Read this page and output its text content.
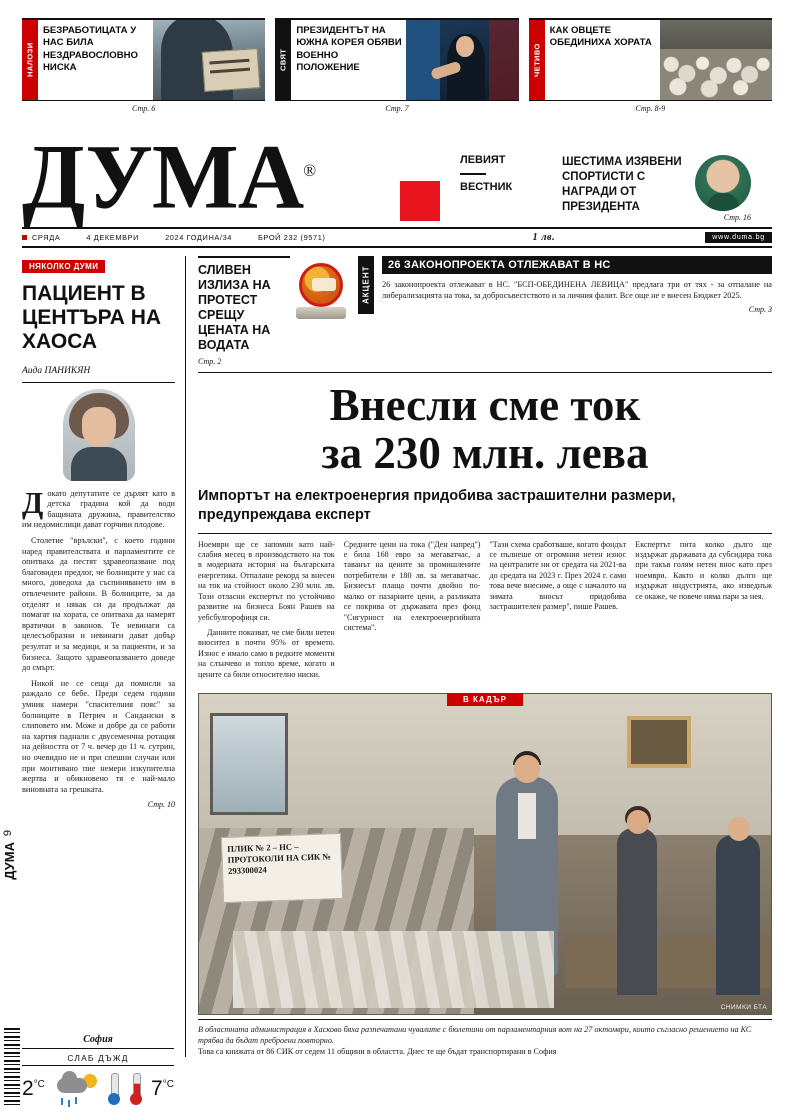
НАЛОЗИ
БЕЗРАБОТИЦАТА У НАС БИЛА НЕЗДРАВОСЛОВНО НИСКА
Стр. 6
СВЯТ
ПРЕЗИДЕНТЪТ НА ЮЖНА КОРЕЯ ОБЯВИ ВОЕННО ПОЛОЖЕНИЕ
Стр. 7
ЧЕТИВО
КАК ОВЦЕТЕ ОБЕДИНИХА ХОРАТА
Стр. 8-9
ДУМА®
ЛЕВИЯТ
ВЕСТНИК
ШЕСТИМА ИЗЯВЕНИ СПОРТИСТИ С НАГРАДИ ОТ ПРЕЗИДЕНТА
Стр. 16
СРЯДА	4 ДЕКЕМВРИ	2024 ГОДИНА/34	БРОЙ 232 (9571)	1 лв.	www.duma.bg
НЯКОЛКО ДУМИ
ПАЦИЕНТ В ЦЕНТЪРА НА ХАОСА
Аида ПАНИКЯН

Докато депутатите се дърлят като в детска градина кой да води бащината дружина, правителство им недомислици дават горчиви плодове.

Столетие "врълски", с което години наред правителствата и парламентите се опитваха да пестят здравеопазване под благовиден предлог, че болниците у нас са много, доведоха да съспиняването им в отвлечените райони. В болниците, за да отделят и някак си да продължат да помагат на хората, се опитваха да намерят вратички в законов. Те невинаги са целесъобразни и невинаги дават добър резултат и за медици, и за пациенти, и за бизнеса. Защото здравеопазването доведе до смърт.

Никой не се сеща да помисли за раждало се бебе. Преди седем години умник намери "спасителния пояс" за болниците в Петрич и Сандански в слиповето им. Може и добре да се работи на хартия паднали с двусеменчна ротация на дейността от 7 ч. вечер до 11 ч. сутрин, но очевидно не и при спешни случаи или при монтивано пие немери изкупителна жертва и обикновено тя е най-мало виновната за грешката.

Стр. 10
СЛИВЕН ИЗЛИЗА НА ПРОТЕСТ СРЕЩУ ЦЕНАТА НА ВОДАТА
Стр. 2
АКЦЕНТ
26 ЗАКОНОПРОЕКТА ОТЛЕЖАВАТ В НС
26 законопроекта отлежават в НС. "БСП-ОБЕДИНЕНА ЛЕВИЦА" предлага три от тях - за отпалане на либерализацията на тока, за добросъвестството и за личния фалит. Все още не е внесен Бюджет 2025.
Стр. 3
Внесли сме ток
за 230 млн. лева
Импортът на електроенергия придобива застрашителни размери, предупреждава експерт

Ноември ще се запомни като най-слабия месец в производството на ток в модерната история на българската енергетика. Отпалане рекорд за внесен на ток на стойност около 230 млн. лв. Този отлаcни експертът по устойчиво развитие на бизнеса Боян Рашев на уебсбулгорофиця си.

Данните показват, че сме били нетен вносител в почти 95% от времето. Износ е имало само в редките моменти на слънчево и топло време, когато и цените са били относително ниски.

Средните цени на тока ("Ден напред") е била 168 евро за мегаватчас, а таванът на цените за промишлените потребители е 180 лв. за мегаватчас. Бизнесът плаща почти двойно по-малко от пазарните цени, а разликата се покрива от държавата през фонд "Сигурност на електроенергийната система".

"Тази схема сработваше, когато фондът се пълнеше от огромния нетен износ на централите ни от средата на 2021-ва до средата на 2023 г. През 2024 г. само това вече внесиме, а още с началото на зимата вносът придобива застрашителен размер", пише Рашев.

Експертът пита колко дълго ще издържат държавата да субсидира тока при такъв голям нетен внос като през ноември. Както и колко дълго ще издържат индустрията, ако изведнъж се окаже, че повече няма пари за нея.

В КАДЪР
ПЛИК № 2 – НС – ПРОТОКОЛИ НА СИК № 293300024
СНИМКИ БТА
В областната администрация в Хасково бяха разпечатани чувалите с бюлетини от парламентарния вот на 27 октомври, които съгласно решението на КС трябва да бъдат преброени повторно.
Това са книжата от 86 СИК от седем 11 общини в областта. Днес те ще бъдат транспортирани в София
София
СЛАБ ДЪЖД
$2^{^\circ C}$	$7^{^\circ C}$
9
ДУМА
